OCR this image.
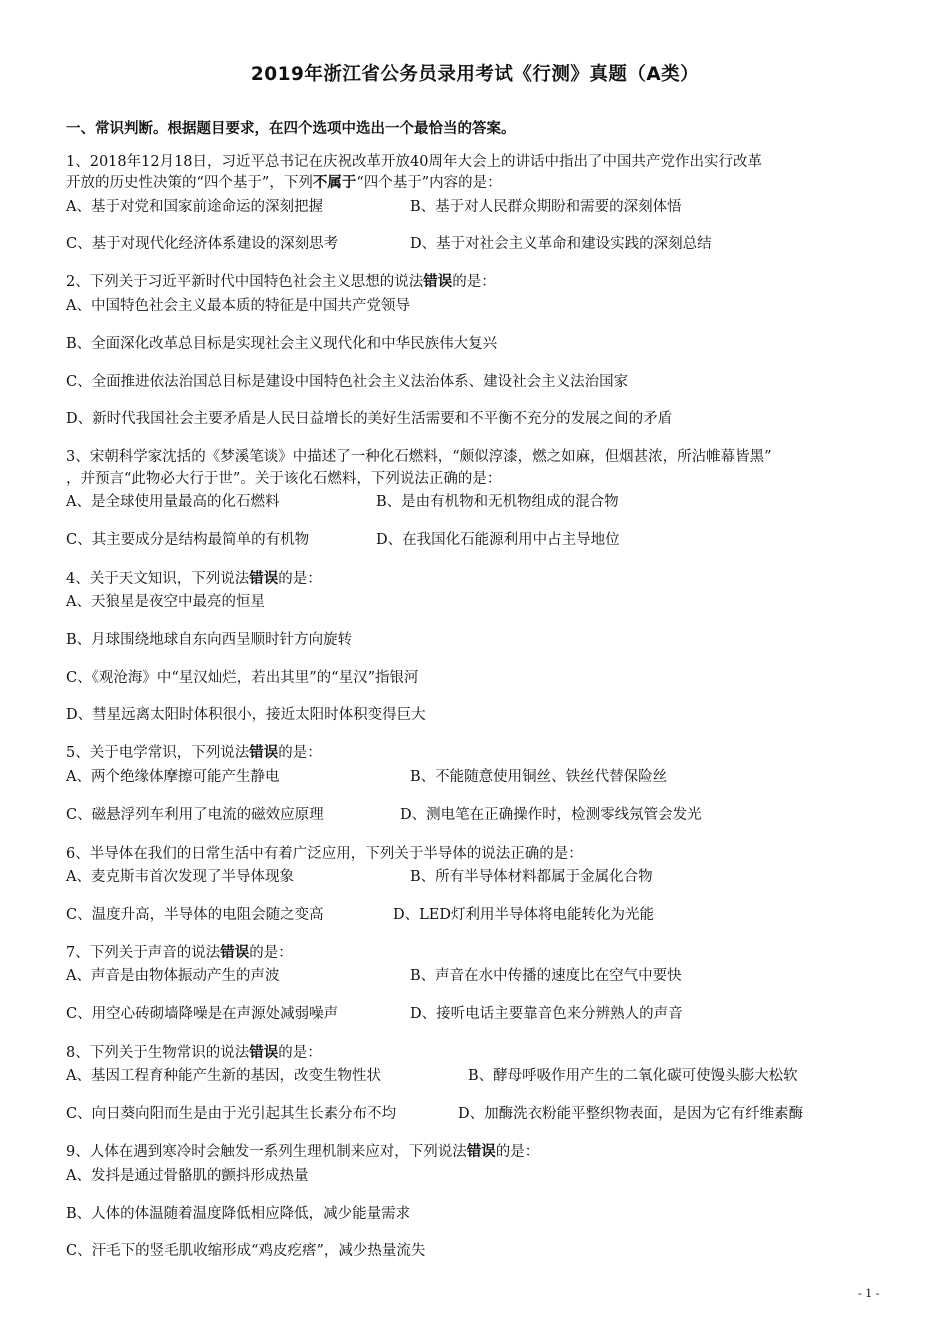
2019年浙江省公务员录用考试《行测》真题（A类）
一、常识判断。根据题目要求，在四个选项中选出一个最恰当的答案。
1、2018年12月18日，习近平总书记在庆祝改革开放40周年大会上的讲话中指出了中国共产党作出实行改革
开放的历史性决策的“四个基于”，下列不属于“四个基于”内容的是：
A、基于对党和国家前途命运的深刻把握	B、基于对人民群众期盼和需要的深刻体悟
C、基于对现代化经济体系建设的深刻思考	D、基于对社会主义革命和建设实践的深刻总结
2、下列关于习近平新时代中国特色社会主义思想的说法错误的是：
A、中国特色社会主义最本质的特征是中国共产党领导
B、全面深化改革总目标是实现社会主义现代化和中华民族伟大复兴
C、全面推进依法治国总目标是建设中国特色社会主义法治体系、建设社会主义法治国家
D、新时代我国社会主要矛盾是人民日益增长的美好生活需要和不平衡不充分的发展之间的矛盾
3、宋朝科学家沈括的《梦溪笔谈》中描述了一种化石燃料，“颇似淳漆，燃之如麻，但烟甚浓，所沾帷幕皆黑”
，并预言“此物必大行于世”。关于该化石燃料，下列说法正确的是：
A、是全球使用量最高的化石燃料	B、是由有机物和无机物组成的混合物
C、其主要成分是结构最简单的有机物	D、在我国化石能源利用中占主导地位
4、关于天文知识，下列说法错误的是：
A、天狼星是夜空中最亮的恒星
B、月球围绕地球自东向西呈顺时针方向旋转
C、《观沧海》中“星汉灿烂，若出其里”的“星汉”指银河
D、彗星远离太阳时体积很小，接近太阳时体积变得巨大
5、关于电学常识，下列说法错误的是：
A、两个绝缘体摩擦可能产生静电	B、不能随意使用铜丝、铁丝代替保险丝
C、磁悬浮列车利用了电流的磁效应原理	D、测电笔在正确操作时，检测零线氖管会发光
6、半导体在我们的日常生活中有着广泛应用，下列关于半导体的说法正确的是：
A、麦克斯韦首次发现了半导体现象	B、所有半导体材料都属于金属化合物
C、温度升高，半导体的电阻会随之变高	D、LED灯利用半导体将电能转化为光能
7、下列关于声音的说法错误的是：
A、声音是由物体振动产生的声波	B、声音在水中传播的速度比在空气中要快
C、用空心砖砌墙降噪是在声源处减弱噪声	D、接听电话主要靠音色来分辨熟人的声音
8、下列关于生物常识的说法错误的是：
A、基因工程育种能产生新的基因，改变生物性状	B、酵母呼吸作用产生的二氧化碳可使馒头膨大松软
C、向日葵向阳而生是由于光引起其生长素分布不均	D、加酶洗衣粉能平整织物表面，是因为它有纤维素酶
9、人体在遇到寒冷时会触发一系列生理机制来应对，下列说法错误的是：
A、发抖是通过骨骼肌的颤抖形成热量
B、人体的体温随着温度降低相应降低，减少能量需求
C、汗毛下的竖毛肌收缩形成“鸡皮疙瘩”，减少热量流失
- 1 -
